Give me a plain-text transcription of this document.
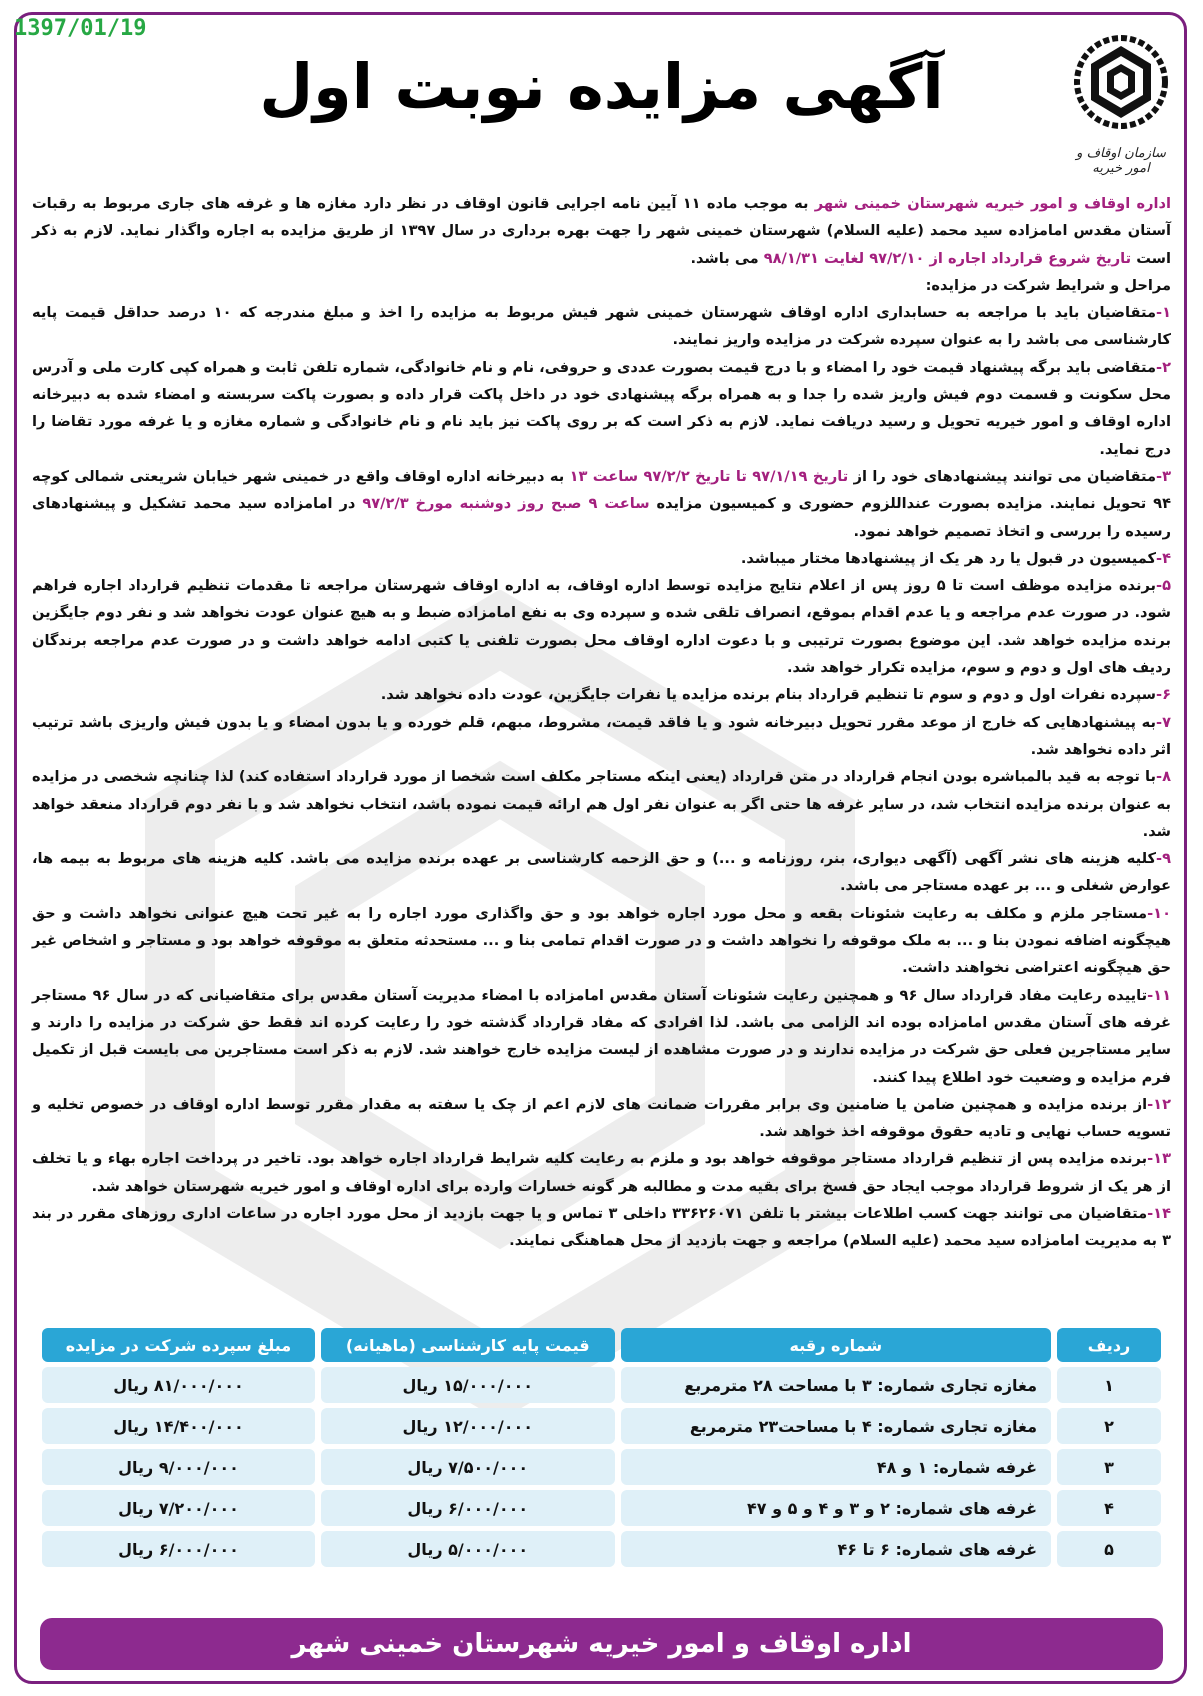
1397/01/19
سازمان اوقاف و امور خیریه
آگهی مزایده نوبت اول

اداره اوقاف و امور خیریه شهرستان خمینی شهر به موجب ماده ۱۱ آیین نامه اجرایی قانون اوقاف در نظر دارد مغازه ها و غرفه های جاری مربوط به رقبات آستان مقدس امامزاده سید محمد (علیه السلام) شهرستان خمینی شهر را جهت بهره برداری در سال ۱۳۹۷ از طریق مزایده به اجاره واگذار نماید. لازم به ذکر است تاریخ شروع قرارداد اجاره از ۹۷/۲/۱۰ لغایت ۹۸/۱/۳۱ می باشد.

مراحل و شرایط شرکت در مزایده:

۱-متقاضیان باید با مراجعه به حسابداری اداره اوقاف شهرستان خمینی شهر فیش مربوط به مزایده را اخذ و مبلغ مندرجه که ۱۰ درصد حداقل قیمت پایه کارشناسی می باشد را به عنوان سپرده شرکت در مزایده واریز نمایند.

۲-متقاضی باید برگه پیشنهاد قیمت خود را امضاء و با درج قیمت بصورت عددی و حروفی، نام و نام خانوادگی، شماره تلفن ثابت و همراه کپی کارت ملی و آدرس محل سکونت و قسمت دوم فیش واریز شده را جدا و به همراه برگه پیشنهادی خود در داخل پاکت قرار داده و بصورت پاکت سربسته و امضاء شده به دبیرخانه اداره اوقاف و امور خیریه تحویل و رسید دریافت نماید. لازم به ذکر است که بر روی پاکت نیز باید نام و نام خانوادگی و شماره مغازه و یا غرفه مورد تقاضا را درج نماید.

۳-متقاضیان می توانند پیشنهادهای خود را از تاریخ ۹۷/۱/۱۹ تا تاریخ ۹۷/۲/۲ ساعت ۱۳ به دبیرخانه اداره اوقاف واقع در خمینی شهر خیابان شریعتی شمالی کوچه ۹۴ تحویل نمایند. مزایده بصورت عنداللزوم حضوری و کمیسیون مزایده ساعت ۹ صبح روز دوشنبه مورخ ۹۷/۲/۳ در امامزاده سید محمد تشکیل و پیشنهادهای رسیده را بررسی و اتخاذ تصمیم خواهد نمود.

۴-کمیسیون در قبول یا رد هر یک از پیشنهادها مختار میباشد.

۵-برنده مزایده موظف است تا ۵ روز پس از اعلام نتایج مزایده توسط اداره اوقاف، به اداره اوقاف شهرستان مراجعه تا مقدمات تنظیم قرارداد اجاره فراهم شود. در صورت عدم مراجعه و یا عدم اقدام بموقع، انصراف تلقی شده و سپرده وی به نفع امامزاده ضبط و به هیچ عنوان عودت نخواهد شد و نفر دوم جایگزین برنده مزایده خواهد شد. این موضوع بصورت ترتیبی و با دعوت اداره اوقاف محل بصورت تلفنی یا کتبی ادامه خواهد داشت و در صورت عدم مراجعه برندگان ردیف های اول و دوم و سوم، مزایده تکرار خواهد شد.

۶-سپرده نفرات اول و دوم و سوم تا تنظیم قرارداد بنام برنده مزایده یا نفرات جایگزین، عودت داده نخواهد شد.

۷-به پیشنهادهایی که خارج از موعد مقرر تحویل دبیرخانه شود و یا فاقد قیمت، مشروط، مبهم، قلم خورده و یا بدون امضاء و یا بدون فیش واریزی باشد ترتیب اثر داده نخواهد شد.

۸-با توجه به قید بالمباشره بودن انجام قرارداد در متن قرارداد (یعنی اینکه مستاجر مکلف است شخصا از مورد قرارداد استفاده کند) لذا چنانچه شخصی در مزایده به عنوان برنده مزایده انتخاب شد، در سایر غرفه ها حتی اگر به عنوان نفر اول هم ارائه قیمت نموده باشد، انتخاب نخواهد شد و با نفر دوم قرارداد منعقد خواهد شد.

۹-کلیه هزینه های نشر آگهی (آگهی دیواری، بنر، روزنامه و ...) و حق الزحمه کارشناسی بر عهده برنده مزایده می باشد. کلیه هزینه های مربوط به بیمه ها، عوارض شغلی و ... بر عهده مستاجر می باشد.

۱۰-مستاجر ملزم و مکلف به رعایت شئونات بقعه و محل مورد اجاره خواهد بود و حق واگذاری مورد اجاره را به غیر تحت هیچ عنوانی نخواهد داشت و حق هیچگونه اضافه نمودن بنا و ... به ملک موقوفه را نخواهد داشت و در صورت اقدام تمامی بنا و ... مستحدثه متعلق به موقوفه خواهد بود و مستاجر و اشخاص غیر حق هیچگونه اعتراضی نخواهند داشت.

۱۱-تاییده رعایت مفاد قرارداد سال ۹۶ و همچنین رعایت شئونات آستان مقدس امامزاده با امضاء مدیریت آستان مقدس برای متقاضیانی که در سال ۹۶ مستاجر غرفه های آستان مقدس امامزاده بوده اند الزامی می باشد. لذا افرادی که مفاد قرارداد گذشته خود را رعایت کرده اند فقط حق شرکت در مزایده را دارند و سایر مستاجرین فعلی حق شرکت در مزایده ندارند و در صورت مشاهده از لیست مزایده خارج خواهند شد. لازم به ذکر است مستاجرین می بایست قبل از تکمیل فرم مزایده و وضعیت خود اطلاع پیدا کنند.

۱۲-از برنده مزایده و همچنین ضامن یا ضامنین وی برابر مقررات ضمانت های لازم اعم از چک یا سفته به مقدار مقرر توسط اداره اوقاف در خصوص تخلیه و تسویه حساب نهایی و تادیه حقوق موقوفه اخذ خواهد شد.

۱۳-برنده مزایده پس از تنظیم قرارداد مستاجر موقوفه خواهد بود و ملزم به رعایت کلیه شرایط قرارداد اجاره خواهد بود. تاخیر در پرداخت اجاره بهاء و یا تخلف از هر یک از شروط قرارداد موجب ایجاد حق فسخ برای بقیه مدت و مطالبه هر گونه خسارات وارده برای اداره اوقاف و امور خیریه شهرستان خواهد شد.

۱۴-متقاضیان می توانند جهت کسب اطلاعات بیشتر با تلفن ۳۳۶۲۶۰۷۱ داخلی ۳ تماس و یا جهت بازدید از محل مورد اجاره در ساعات اداری روزهای مقرر در بند ۳ به مدیریت امامزاده سید محمد (علیه السلام) مراجعه و جهت بازدید از محل هماهنگی نمایند.

ردیف	شماره رقبه	قیمت پایه کارشناسی (ماهیانه)	مبلغ سپرده شرکت در مزایده
۱	مغازه تجاری شماره: ۳ با مساحت ۲۸ مترمربع	۱۵/۰۰۰/۰۰۰ ریال	۸۱/۰۰۰/۰۰۰ ریال
۲	مغازه تجاری شماره: ۴ با مساحت۲۳ مترمربع	۱۲/۰۰۰/۰۰۰ ریال	۱۴/۴۰۰/۰۰۰ ریال
۳	غرفه شماره: ۱ و ۴۸	۷/۵۰۰/۰۰۰ ریال	۹/۰۰۰/۰۰۰ ریال
۴	غرفه های شماره: ۲ و ۳ و ۴ و ۵ و ۴۷	۶/۰۰۰/۰۰۰ ریال	۷/۲۰۰/۰۰۰ ریال
۵	غرفه های شماره: ۶ تا ۴۶	۵/۰۰۰/۰۰۰ ریال	۶/۰۰۰/۰۰۰ ریال
اداره اوقاف و امور خیریه شهرستان خمینی شهر
